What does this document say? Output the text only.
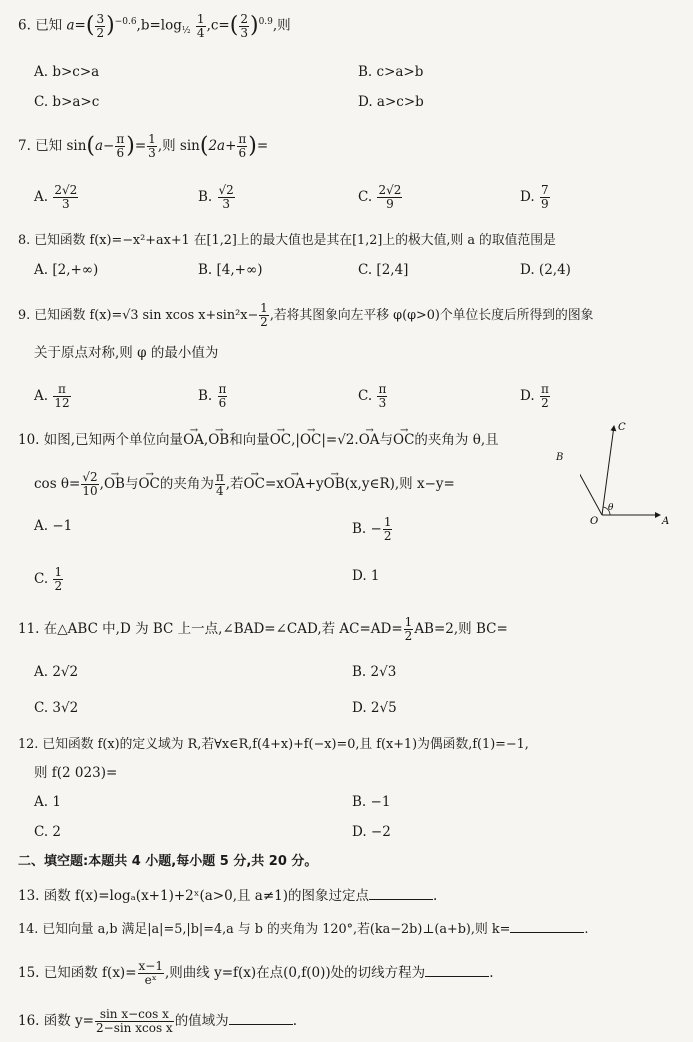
6. 已知 $a=( \frac{3}{2} )^{-0.6},b=\log_{\frac{1}{2}} \frac{1}{4} ,c=( \frac{2}{3} )^{0.9}$,则
A. b>c>a	B. c>a>b
C. b>a>c	D. a>c>b
7. 已知 $\sin(a- \frac{\pi}{6}$ )= $\frac{1}{3}$ ,则 $\sin(2a+ \frac{\pi}{6}$ )=
A. $\frac{2√2}{3}$	B. $\frac{√2}{3}$	C. $\frac{2√2}{9}$	D. $\frac{7}{9}$
8. 已知函数 f(x)=−x²+ax+1 在[1,2]上的最大值也是其在[1,2]上的极大值,则 a 的取值范围是
A. [2,+∞)	B. [4,+∞)	C. [2,4]	D. (2,4)
9. 已知函数 f(x)=√3 sin xcos $x+\sin^2x- \frac{1}{2}$ ,若将其图象向左平移 φ(φ>0)个单位长度后所得到的图象
关于原点对称,则 φ 的最小值为
A. $\frac{\pi}{12}$	B. $\frac{\pi}{6}$	C. $\frac{\pi}{3}$	D. $\frac{\pi}{2}$
10. 如图,已知两个单位向量→ OA,→ OB和向量→ OC,|→ OC|=√2.→ OA与→ OC的夹角为 θ,且
$\cos \theta= \frac{√2}{10}$ ,→ OB与→ OC的夹角为 $\frac{\pi}{4}$ ,若→ OC=x→ OA+y→ OB(x,y∈R),则 x−y=
A. −1	B. − $\frac{1}{2}$
C. $\frac{1}{2}$	D. 1
A
C
O
θ
B
11. 在△ABC 中,D 为 BC 上一点,∠BAD=∠CAD,若 $AC=AD= \frac{1}{2} AB=2$,则 BC=
A. 2√2	B. 2√3
C. 3√2	D. 2√5
12. 已知函数 f(x)的定义域为 R,若∀x∈R,f(4+x)+f(−x)=0,且 f(x+1)为偶函数,f(1)=−1,
则 f(2 023)=
A. 1	B. −1
C. 2	D. −2
二、填空题:本题共 4 小题,每小题 5 分,共 20 分。
13. 函数 f(x)=logₐ(x+1)+2ˣ(a>0,且 a≠1)的图象过定点	.
14. 已知向量 a,b 满足|a|=5,|b|=4,a 与 b 的夹角为 120°,若(ka−2b)⊥(a+b),则 k=	.
15. 已知函数 $f(x)= \frac{x-1}{\text{eˣ}}$ ,则曲线 y=f(x)在点(0,f(0))处的切线方程为	.
16. 函数 $y= \frac{\text{sin x−cos x}}{\text{2−sin xcos x}}$ 的值域为	.
